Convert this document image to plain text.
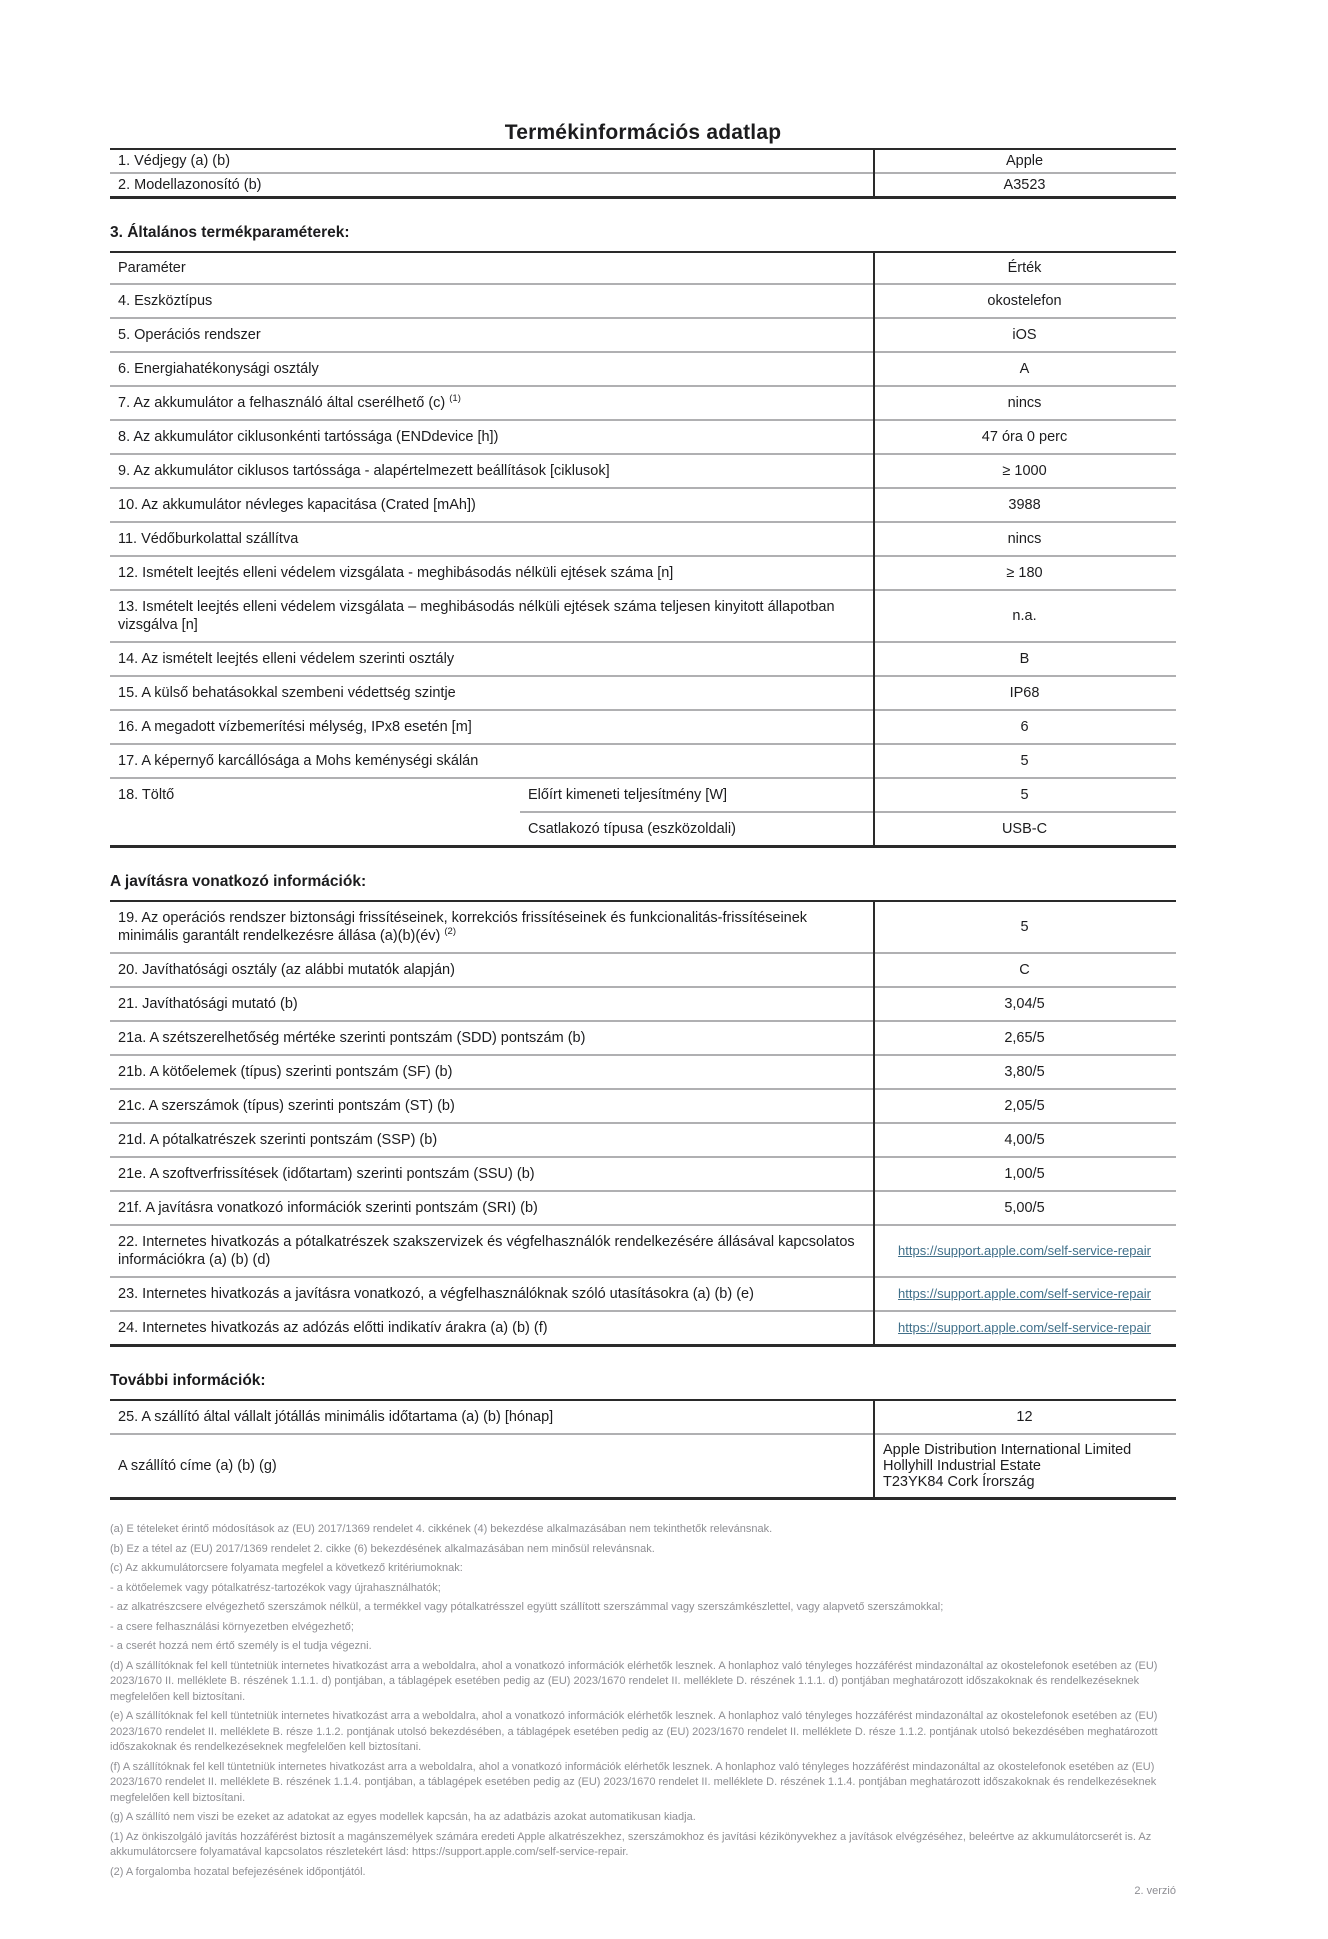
Termékinformációs adatlap
1. Védjegy (a) (b)	Apple
2. Modellazonosító (b)	A3523
3. Általános termékparaméterek:
Paraméter		Érték
4. Eszköztípus		okostelefon
5. Operációs rendszer		iOS
6. Energiahatékonysági osztály		A
7. Az akkumulátor a felhasználó által cserélhető (c) $^{(1)}$		nincs
8. Az akkumulátor ciklusonkénti tartóssága (ENDdevice [h])		47 óra 0 perc
9. Az akkumulátor ciklusos tartóssága - alapértelmezett beállítások [ciklusok]		≥ 1000
10. Az akkumulátor névleges kapacitása (Crated [mAh])		3988
11. Védőburkolattal szállítva		nincs
12. Ismételt leejtés elleni védelem vizsgálata - meghibásodás nélküli ejtések száma [n]		≥ 180
13. Ismételt leejtés elleni védelem vizsgálata – meghibásodás nélküli ejtések száma teljesen kinyitott állapotban vizsgálva [n]		n.a.
14. Az ismételt leejtés elleni védelem szerinti osztály		B
15. A külső behatásokkal szembeni védettség szintje		IP68
16. A megadott vízbemerítési mélység, IPx8 esetén [m]		6
17. A képernyő karcállósága a Mohs keménységi skálán		5
18. Töltő	Előírt kimeneti teljesítmény [W]	5
	Csatlakozó típusa (eszközoldali)	USB-C
A javításra vonatkozó információk:
19. Az operációs rendszer biztonsági frissítéseinek, korrekciós frissítéseinek és funkcionalitás-frissítéseinek minimális garantált rendelkezésre állása (a)(b)(év) $^{(2)}$	5
20. Javíthatósági osztály (az alábbi mutatók alapján)	C
21. Javíthatósági mutató (b)	3,04/5
21a. A szétszerelhetőség mértéke szerinti pontszám (SDD) pontszám (b)	2,65/5
21b. A kötőelemek (típus) szerinti pontszám (SF) (b)	3,80/5
21c. A szerszámok (típus) szerinti pontszám (ST) (b)	2,05/5
21d. A pótalkatrészek szerinti pontszám (SSP) (b)	4,00/5
21e. A szoftverfrissítések (időtartam) szerinti pontszám (SSU) (b)	1,00/5
21f. A javításra vonatkozó információk szerinti pontszám (SRI) (b)	5,00/5
22. Internetes hivatkozás a pótalkatrészek szakszervizek és végfelhasználók rendelkezésére állásával kapcsolatos információkra (a) (b) (d)	https://support.apple.com/self-service-repair
23. Internetes hivatkozás a javításra vonatkozó, a végfelhasználóknak szóló utasításokra (a) (b) (e)	https://support.apple.com/self-service-repair
24. Internetes hivatkozás az adózás előtti indikatív árakra (a) (b) (f)	https://support.apple.com/self-service-repair
További információk:
25. A szállító által vállalt jótállás minimális időtartama (a) (b) [hónap]	12
A szállító címe (a) (b) (g)	Apple Distribution International Limited
Hollyhill Industrial Estate
T23YK84 Cork Írország
(a) E tételeket érintő módosítások az (EU) 2017/1369 rendelet 4. cikkének (4) bekezdése alkalmazásában nem tekinthetők relevánsnak.
(b) Ez a tétel az (EU) 2017/1369 rendelet 2. cikke (6) bekezdésének alkalmazásában nem minősül relevánsnak.
(c) Az akkumulátorcsere folyamata megfelel a következő kritériumoknak:
- a kötőelemek vagy pótalkatrész-tartozékok vagy újrahasználhatók;
- az alkatrészcsere elvégezhető szerszámok nélkül, a termékkel vagy pótalkatrésszel együtt szállított szerszámmal vagy szerszámkészlettel, vagy alapvető szerszámokkal;
- a csere felhasználási környezetben elvégezhető;
- a cserét hozzá nem értő személy is el tudja végezni.
(d) A szállítóknak fel kell tüntetniük internetes hivatkozást arra a weboldalra, ahol a vonatkozó információk elérhetők lesznek. A honlaphoz való tényleges hozzáférést mindazonáltal az okostelefonok esetében az (EU) 2023/1670 II. melléklete B. részének 1.1.1. d) pontjában, a táblagépek esetében pedig az (EU) 2023/1670 rendelet II. melléklete D. részének 1.1.1. d) pontjában meghatározott időszakoknak és rendelkezéseknek megfelelően kell biztosítani.
(e) A szállítóknak fel kell tüntetniük internetes hivatkozást arra a weboldalra, ahol a vonatkozó információk elérhetők lesznek. A honlaphoz való tényleges hozzáférést mindazonáltal az okostelefonok esetében az (EU) 2023/1670 rendelet II. melléklete B. része 1.1.2. pontjának utolsó bekezdésében, a táblagépek esetében pedig az (EU) 2023/1670 rendelet II. melléklete D. része 1.1.2. pontjának utolsó bekezdésében meghatározott időszakoknak és rendelkezéseknek megfelelően kell biztosítani.
(f) A szállítóknak fel kell tüntetniük internetes hivatkozást arra a weboldalra, ahol a vonatkozó információk elérhetők lesznek. A honlaphoz való tényleges hozzáférést mindazonáltal az okostelefonok esetében az (EU) 2023/1670 rendelet II. melléklete B. részének 1.1.4. pontjában, a táblagépek esetében pedig az (EU) 2023/1670 rendelet II. melléklete D. részének 1.1.4. pontjában meghatározott időszakoknak és rendelkezéseknek megfelelően kell biztosítani.
(g) A szállító nem viszi be ezeket az adatokat az egyes modellek kapcsán, ha az adatbázis azokat automatikusan kiadja.
(1) Az önkiszolgáló javítás hozzáférést biztosít a magánszemélyek számára eredeti Apple alkatrészekhez, szerszámokhoz és javítási kézikönyvekhez a javítások elvégzéséhez, beleértve az akkumulátorcserét is. Az akkumulátorcsere folyamatával kapcsolatos részletekért lásd: https://support.apple.com/self-service-repair.
(2) A forgalomba hozatal befejezésének időpontjától.
2. verzió
